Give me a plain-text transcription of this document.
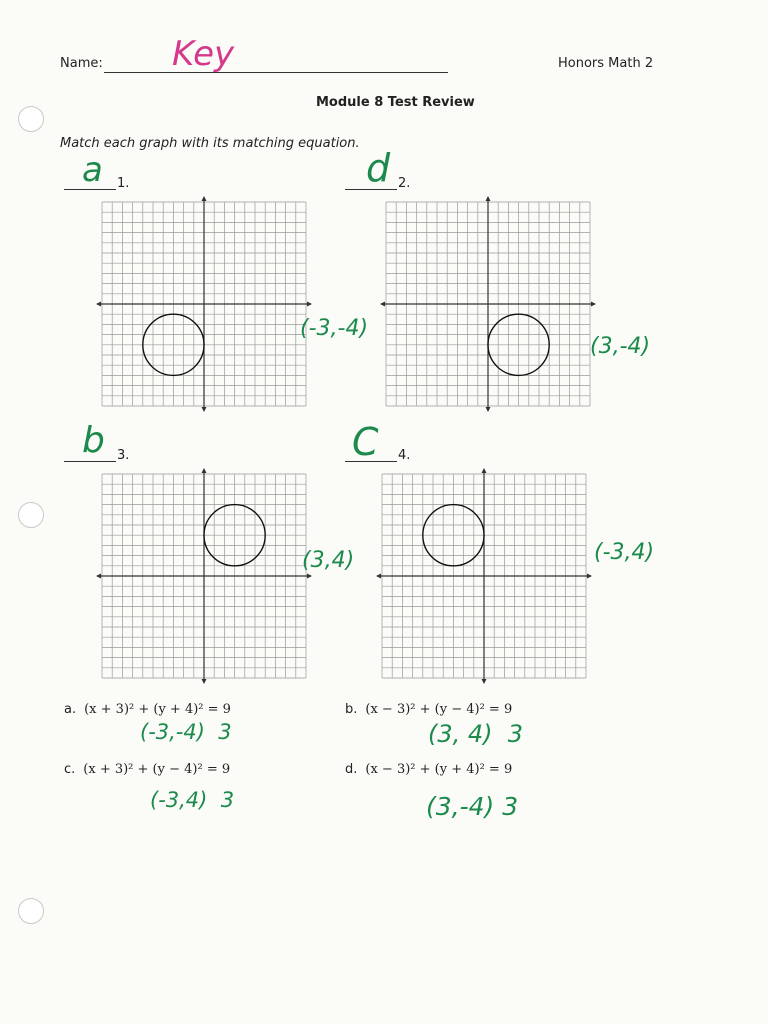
Name: Key	Honors Math 2
Module 8 Test Review
Match each graph with its matching equation.
a 1.
(-3,-4)
d 2.
(3,-4)
b 3.
(3,4)
C 4.
(-3,4)
a. (x + 3)² + (y + 4)² = 9
(-3,-4)  3
b. (x − 3)² + (y − 4)² = 9
(3, 4)  3
c. (x + 3)² + (y − 4)² = 9
(-3,4)  3
d. (x − 3)² + (y + 4)² = 9
(3,-4) 3
